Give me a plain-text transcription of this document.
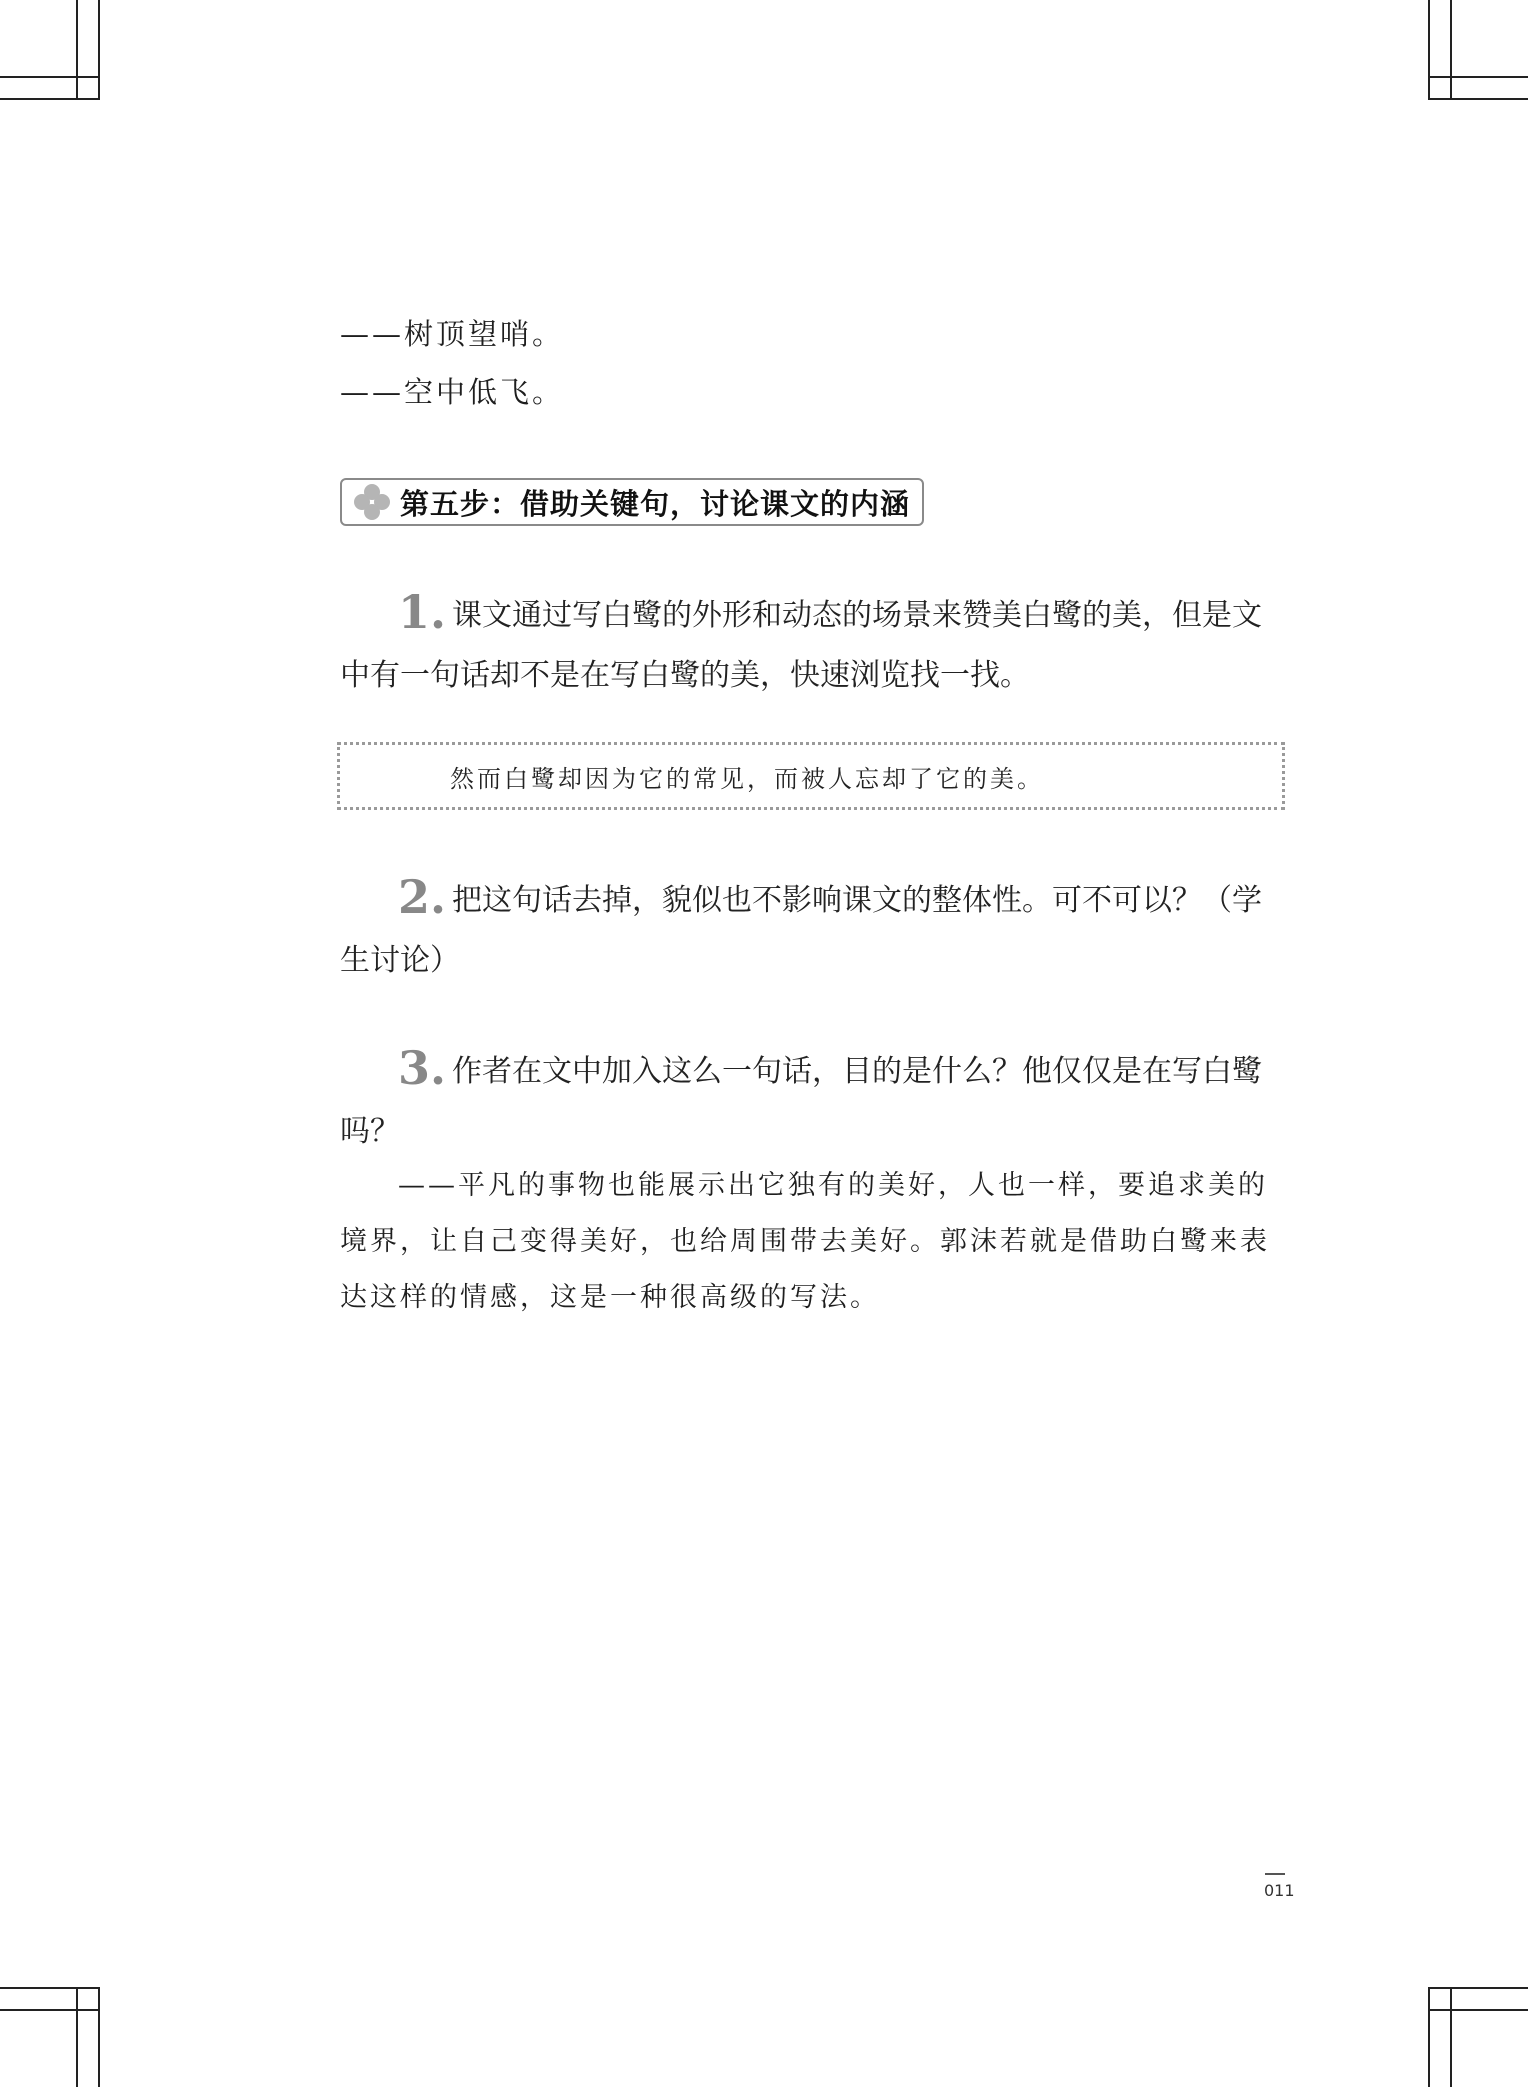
——树顶望哨。
——空中低飞。
第五步：借助关键句，讨论课文的内涵
1. 课文通过写白鹭的外形和动态的场景来赞美白鹭的美，但是文中有一句话却不是在写白鹭的美，快速浏览找一找。
然而白鹭却因为它的常见，而被人忘却了它的美。
2. 把这句话去掉，貌似也不影响课文的整体性。可不可以？（学生讨论）
3. 作者在文中加入这么一句话，目的是什么？他仅仅是在写白鹭吗？
——平凡的事物也能展示出它独有的美好，人也一样，要追求美的境界，让自己变得美好，也给周围带去美好。郭沫若就是借助白鹭来表达这样的情感，这是一种很高级的写法。
011
